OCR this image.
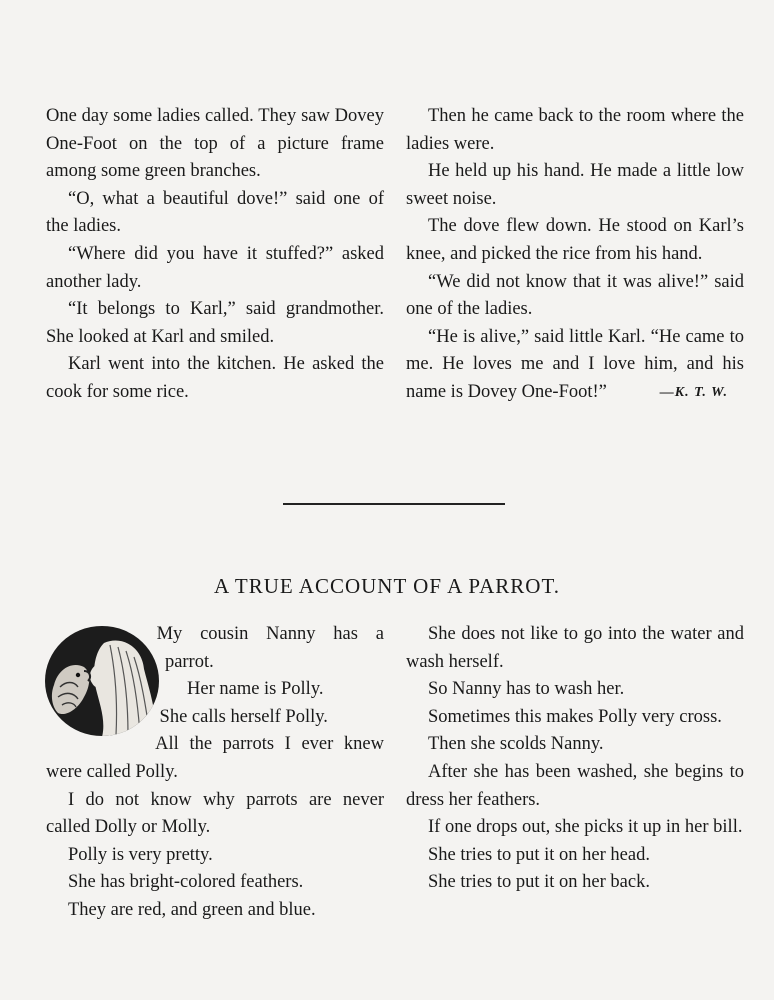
One day some ladies called. They saw Dovey One-Foot on the top of a picture frame among some green branches.

“O, what a beautiful dove!” said one of the ladies.

“Where did you have it stuffed?” asked another lady.

“It belongs to Karl,” said grandmother. She looked at Karl and smiled.

Karl went into the kitchen. He asked the cook for some rice.

Then he came back to the room where the ladies were.

He held up his hand. He made a little low sweet noise.

The dove flew down. He stood on Karl’s knee, and picked the rice from his hand.

“We did not know that it was alive!” said one of the ladies.

“He is alive,” said little Karl. “He came to me. He loves me and I love him, and his name is Dovey One-Foot!”	—K. T. W.

A TRUE ACCOUNT OF A PARROT.

My cousin Nanny has a parrot.

Her name is Polly.

She calls herself Polly.

All the parrots I ever knew were called Polly.

I do not know why parrots are never called Dolly or Molly.

Polly is very pretty.

She has bright-colored feathers.

They are red, and green and blue.

She does not like to go into the water and wash herself.

So Nanny has to wash her.

Sometimes this makes Polly very cross.

Then she scolds Nanny.

After she has been washed, she begins to dress her feathers.

If one drops out, she picks it up in her bill.

She tries to put it on her head.

She tries to put it on her back.
